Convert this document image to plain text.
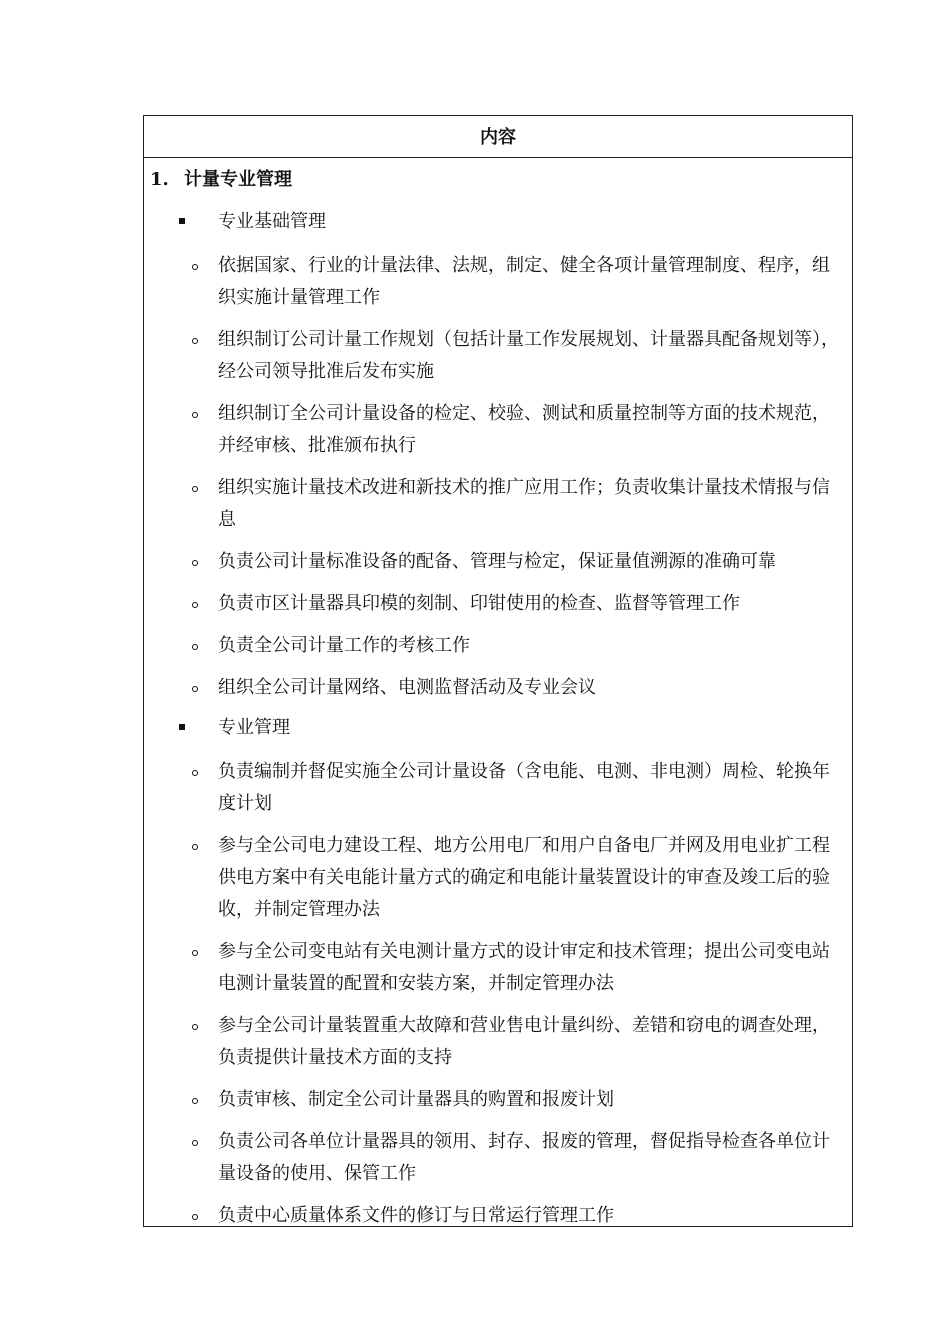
内容
1. 计量专业管理
专业基础管理
依据国家、行业的计量法律、法规，制定、健全各项计量管理制度、程序，组织实施计量管理工作
组织制订公司计量工作规划（包括计量工作发展规划、计量器具配备规划等），经公司领导批准后发布实施
组织制订全公司计量设备的检定、校验、测试和质量控制等方面的技术规范，并经审核、批准颁布执行
组织实施计量技术改进和新技术的推广应用工作；负责收集计量技术情报与信息
负责公司计量标准设备的配备、管理与检定，保证量值溯源的准确可靠
负责市区计量器具印模的刻制、印钳使用的检查、监督等管理工作
负责全公司计量工作的考核工作
组织全公司计量网络、电测监督活动及专业会议
专业管理
负责编制并督促实施全公司计量设备（含电能、电测、非电测）周检、轮换年度计划
参与全公司电力建设工程、地方公用电厂和用户自备电厂并网及用电业扩工程供电方案中有关电能计量方式的确定和电能计量装置设计的审查及竣工后的验收，并制定管理办法
参与全公司变电站有关电测计量方式的设计审定和技术管理；提出公司变电站电测计量装置的配置和安装方案，并制定管理办法
参与全公司计量装置重大故障和营业售电计量纠纷、差错和窃电的调查处理，负责提供计量技术方面的支持
负责审核、制定全公司计量器具的购置和报废计划
负责公司各单位计量器具的领用、封存、报废的管理，督促指导检查各单位计量设备的使用、保管工作
负责中心质量体系文件的修订与日常运行管理工作
